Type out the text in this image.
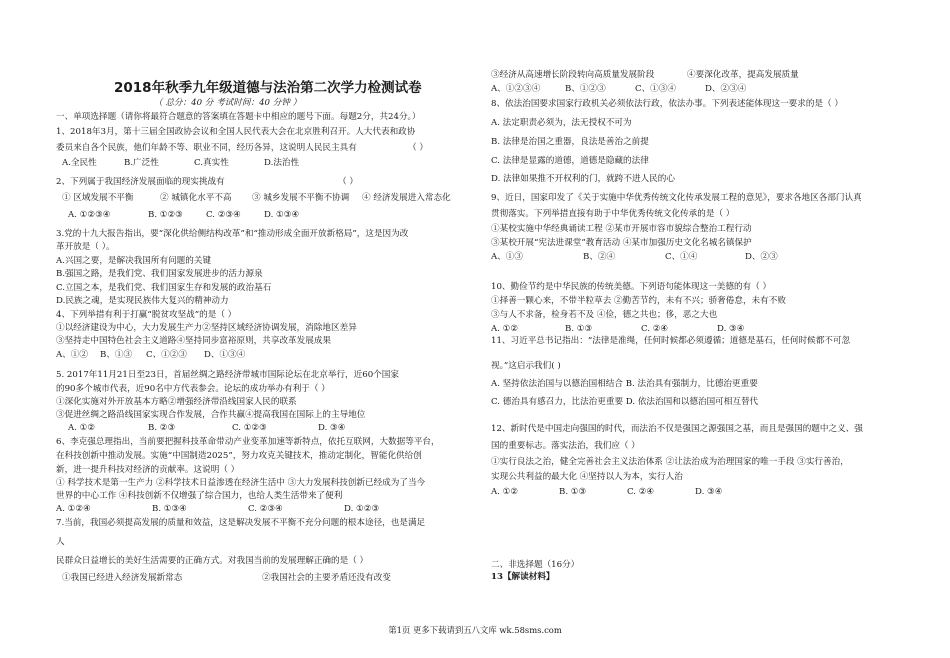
2018年秋季九年级道德与法治第二次学力检测试卷
（ 总分：40 分 考试时间：40 分钟 ）
一、单项选择题（请你将最符合题意的答案填在答题卡中相应的题号下面。每题2分，共24分。）
1、2018年3月，第十三届全国政协会议和全国人民代表大会在北京胜利召开。人大代表和政协
委员来自各个民族，他们年龄不等、职业不同，经历各异，这说明人民民主具有	（ ）
A.全民性	B.广泛性	C.真实性	D.法治性
2、下列属于我国经济发展面临的现实挑战有	（ ）
① 区域发展不平衡	② 城镇化水平不高 ③ 城乡发展不平衡不协调 ④ 经济发展进入常态化
A. ①②③④	B. ①②③	C. ②③④	D. ①③④
3.党的十九大报告指出，要“深化供给侧结构改革”和“推动形成全面开放新格局”，这是因为改
革开放是（ ）。
A.兴国之要，是解决我国所有问题的关键
B.强国之路，是我们党、我们国家发展进步的活力源泉
C.立国之本，是我们党、我们国家生存和发展的政治基石
D.民族之魂，是实现民族伟大复兴的精神动力
4、下列举措有利于打赢“脱贫攻坚战”的是（ ）
①以经济建设为中心，大力发展生产力②坚持区域经济协调发展，消除地区差异
③坚持走中国特色社会主义道路④坚持同步富裕原则，共享改革发展成果
A、①② B、①③ C、①②③ D、①③④
5. 2017年11月21日至23日，首届丝绸之路经济带城市国际论坛在北京举行，近60个国家
的90多个城市代表，近90名中方代表参会。论坛的成功举办有利于（ ）
①深化实施对外开放基本方略②增强经济带沿线国家人民的联系
③促进丝绸之路沿线国家实现合作发展，合作共赢④提高我国在国际上的主导地位
A. ①②	B. ②③	C. ①②③	D. ③④
6、李克强总理指出，当前要把握科技革命带动产业变革加速等新特点，依托互联网，大数据等平台，
在科技创新中推动发展。实施“中国制造2025”，努力攻克关键技术，推动定制化，智能化供给创
新，进一提升科技对经济的贡献率。这说明（ ）
① 科学技术是第一生产力 ②科学技术日益渗透在经济生活中 ③大力发展科技创新已经成为了当今
世界的中心工作 ④科技创新不仅增强了综合国力，也给人类生活带来了便利
A. ①②④	B. ①③④	C. ②③④	D. ①②③
7.当前，我国必须提高发展的质量和效益，这是解决发展不平衡不充分问题的根本途径，也是满足
人
民群众日益增长的美好生活需要的正确方式。对我国当前的发展理解正确的是（ ）
①我国已经进入经济发展新常态	②我国社会的主要矛盾还没有改变
③经济从高速增长阶段转向高质量发展阶段	④要深化改革，提高发展质量
A、①②③④	B、①②③	C、①③④	D、②③④
8、依法治国要求国家行政机关必须依法行政，依法办事。下列表述能体现这一要求的是（ ）
A. 法定职责必须为，法无授权不可为
B. 法律是治国之重器，良法是善治之前提
C. 法律是显露的道德，道德是隐藏的法律
D. 法律如果推不开权利的门，就跨不进人民的心
9、近日，国家印发了《关于实施中华优秀传统文化传承发展工程的意见》，要求各地区各部门认真
贯彻落实。下列举措直接有助于中华优秀传统文化传承的是（ ）
①某校实施中华经典诵读工程 ②某市开展市容市貌综合整治工程行动
③某校开展“宪法进课堂”教育活动 ④某市加强历史文化名城名镇保护
A、①③	B、②④	C、①④	D、②③
10、勤俭节约是中华民族的传统美德。下列语句能体现这一美德的有（ ）
①择善一颗心来，不带半粒草去 ②勤苦节约，未有不兴；骄奢倦怠，未有不败
③与人不求备，检身若不及 ④俭，德之共也；侈，恶之大也
A. ①②	B. ①③	C. ②④	D. ③④
11、习近平总书记指出：“法律是准绳，任何时候都必须遵循；道德是基石，任何时候都不可忽
视。”这启示我们( )
A. 坚持依法治国与以德治国相结合 B. 法治具有强制力，比德治更重要
C. 德治具有感召力，比法治更重要 D. 依法治国和以德治国可相互替代
12、新时代是中国走向强国的时代，而法治不仅是强国之源强国之基，而且是强国的题中之义、强
国的重要标志。落实法治，我们应（ ）
①实行良法之治，健全完善社会主义法治体系 ②让法治成为治理国家的唯一手段 ③实行善治，
实现公共利益的最大化 ④坚持以人为本，实行人治
A. ①②	B. ①③	C. ②④	D. ③④
二、非选择题（16分）
13【解读材料】
第1页 更多下载请到五八文库 wk.58sms.com
